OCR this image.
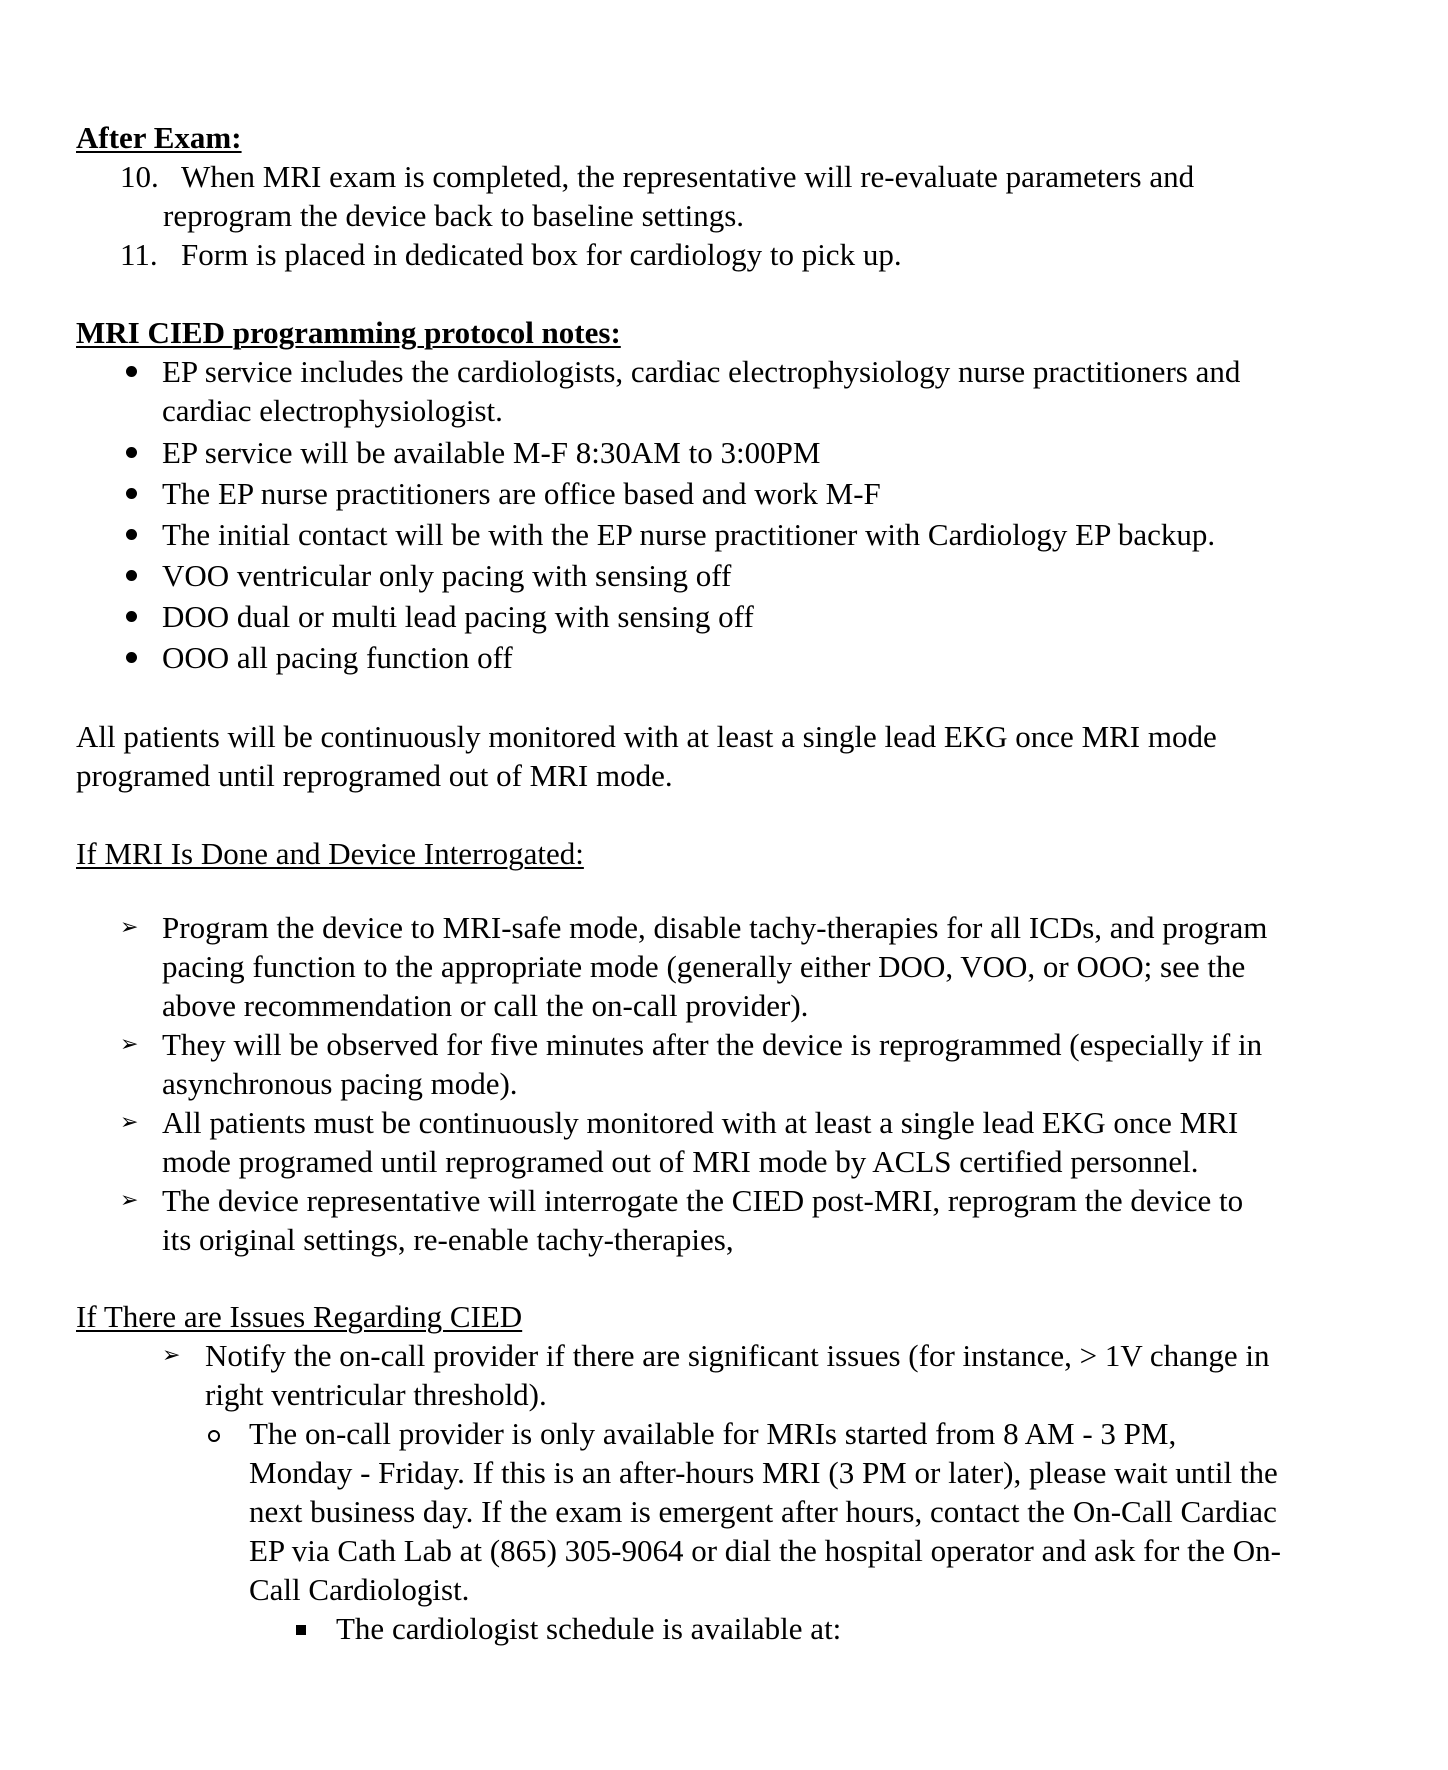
After Exam:
10. When MRI exam is completed, the representative will re-evaluate parameters and
reprogram the device back to baseline settings.
11. Form is placed in dedicated box for cardiology to pick up.
MRI CIED programming protocol notes:
EP service includes the cardiologists, cardiac electrophysiology nurse practitioners and
cardiac electrophysiologist.
EP service will be available M-F 8:30AM to 3:00PM
The EP nurse practitioners are office based and work M-F
The initial contact will be with the EP nurse practitioner with Cardiology EP backup.
VOO ventricular only pacing with sensing off
DOO dual or multi lead pacing with sensing off
OOO all pacing function off
All patients will be continuously monitored with at least a single lead EKG once MRI mode
programed until reprogramed out of MRI mode.
If MRI Is Done and Device Interrogated:
➢ Program the device to MRI-safe mode, disable tachy-therapies for all ICDs, and program
pacing function to the appropriate mode (generally either DOO, VOO, or OOO; see the
above recommendation or call the on-call provider).
➢ They will be observed for five minutes after the device is reprogrammed (especially if in
asynchronous pacing mode).
➢ All patients must be continuously monitored with at least a single lead EKG once MRI
mode programed until reprogramed out of MRI mode by ACLS certified personnel.
➢ The device representative will interrogate the CIED post-MRI, reprogram the device to
its original settings, re-enable tachy-therapies,
If There are Issues Regarding CIED
➢ Notify the on-call provider if there are significant issues (for instance, > 1V change in
right ventricular threshold).
The on-call provider is only available for MRIs started from 8 AM - 3 PM,
Monday - Friday. If this is an after-hours MRI (3 PM or later), please wait until the
next business day. If the exam is emergent after hours, contact the On-Call Cardiac
EP via Cath Lab at (865) 305-9064 or dial the hospital operator and ask for the On-
Call Cardiologist.
The cardiologist schedule is available at:
